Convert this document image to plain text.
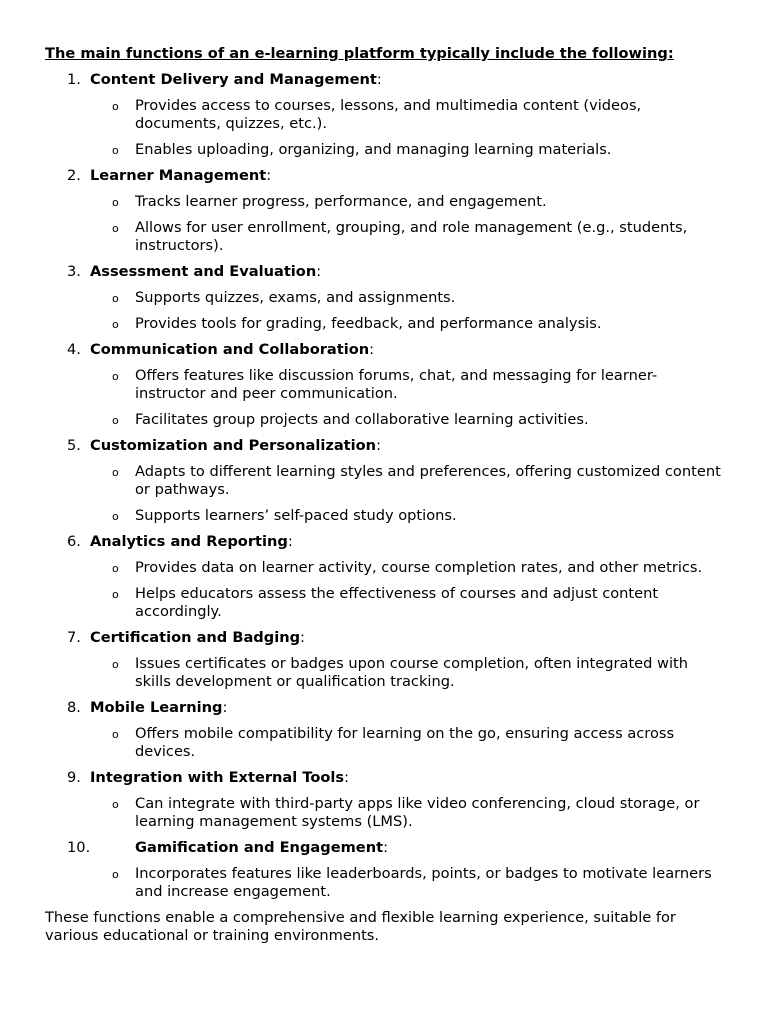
The main functions of an e-learning platform typically include the following:
1. Content Delivery and Management:
o Provides access to courses, lessons, and multimedia content (videos, documents, quizzes, etc.).
o Enables uploading, organizing, and managing learning materials.
2. Learner Management:
o Tracks learner progress, performance, and engagement.
o Allows for user enrollment, grouping, and role management (e.g., students, instructors).
3. Assessment and Evaluation:
o Supports quizzes, exams, and assignments.
o Provides tools for grading, feedback, and performance analysis.
4. Communication and Collaboration:
o Offers features like discussion forums, chat, and messaging for learner-instructor and peer communication.
o Facilitates group projects and collaborative learning activities.
5. Customization and Personalization:
o Adapts to different learning styles and preferences, offering customized content or pathways.
o Supports learners’ self-paced study options.
6. Analytics and Reporting:
o Provides data on learner activity, course completion rates, and other metrics.
o Helps educators assess the effectiveness of courses and adjust content accordingly.
7. Certification and Badging:
o Issues certificates or badges upon course completion, often integrated with skills development or qualification tracking.
8. Mobile Learning:
o Offers mobile compatibility for learning on the go, ensuring access across devices.
9. Integration with External Tools:
o Can integrate with third-party apps like video conferencing, cloud storage, or learning management systems (LMS).
10.	Gamification and Engagement:
o Incorporates features like leaderboards, points, or badges to motivate learners and increase engagement.
These functions enable a comprehensive and flexible learning experience, suitable for various educational or training environments.
